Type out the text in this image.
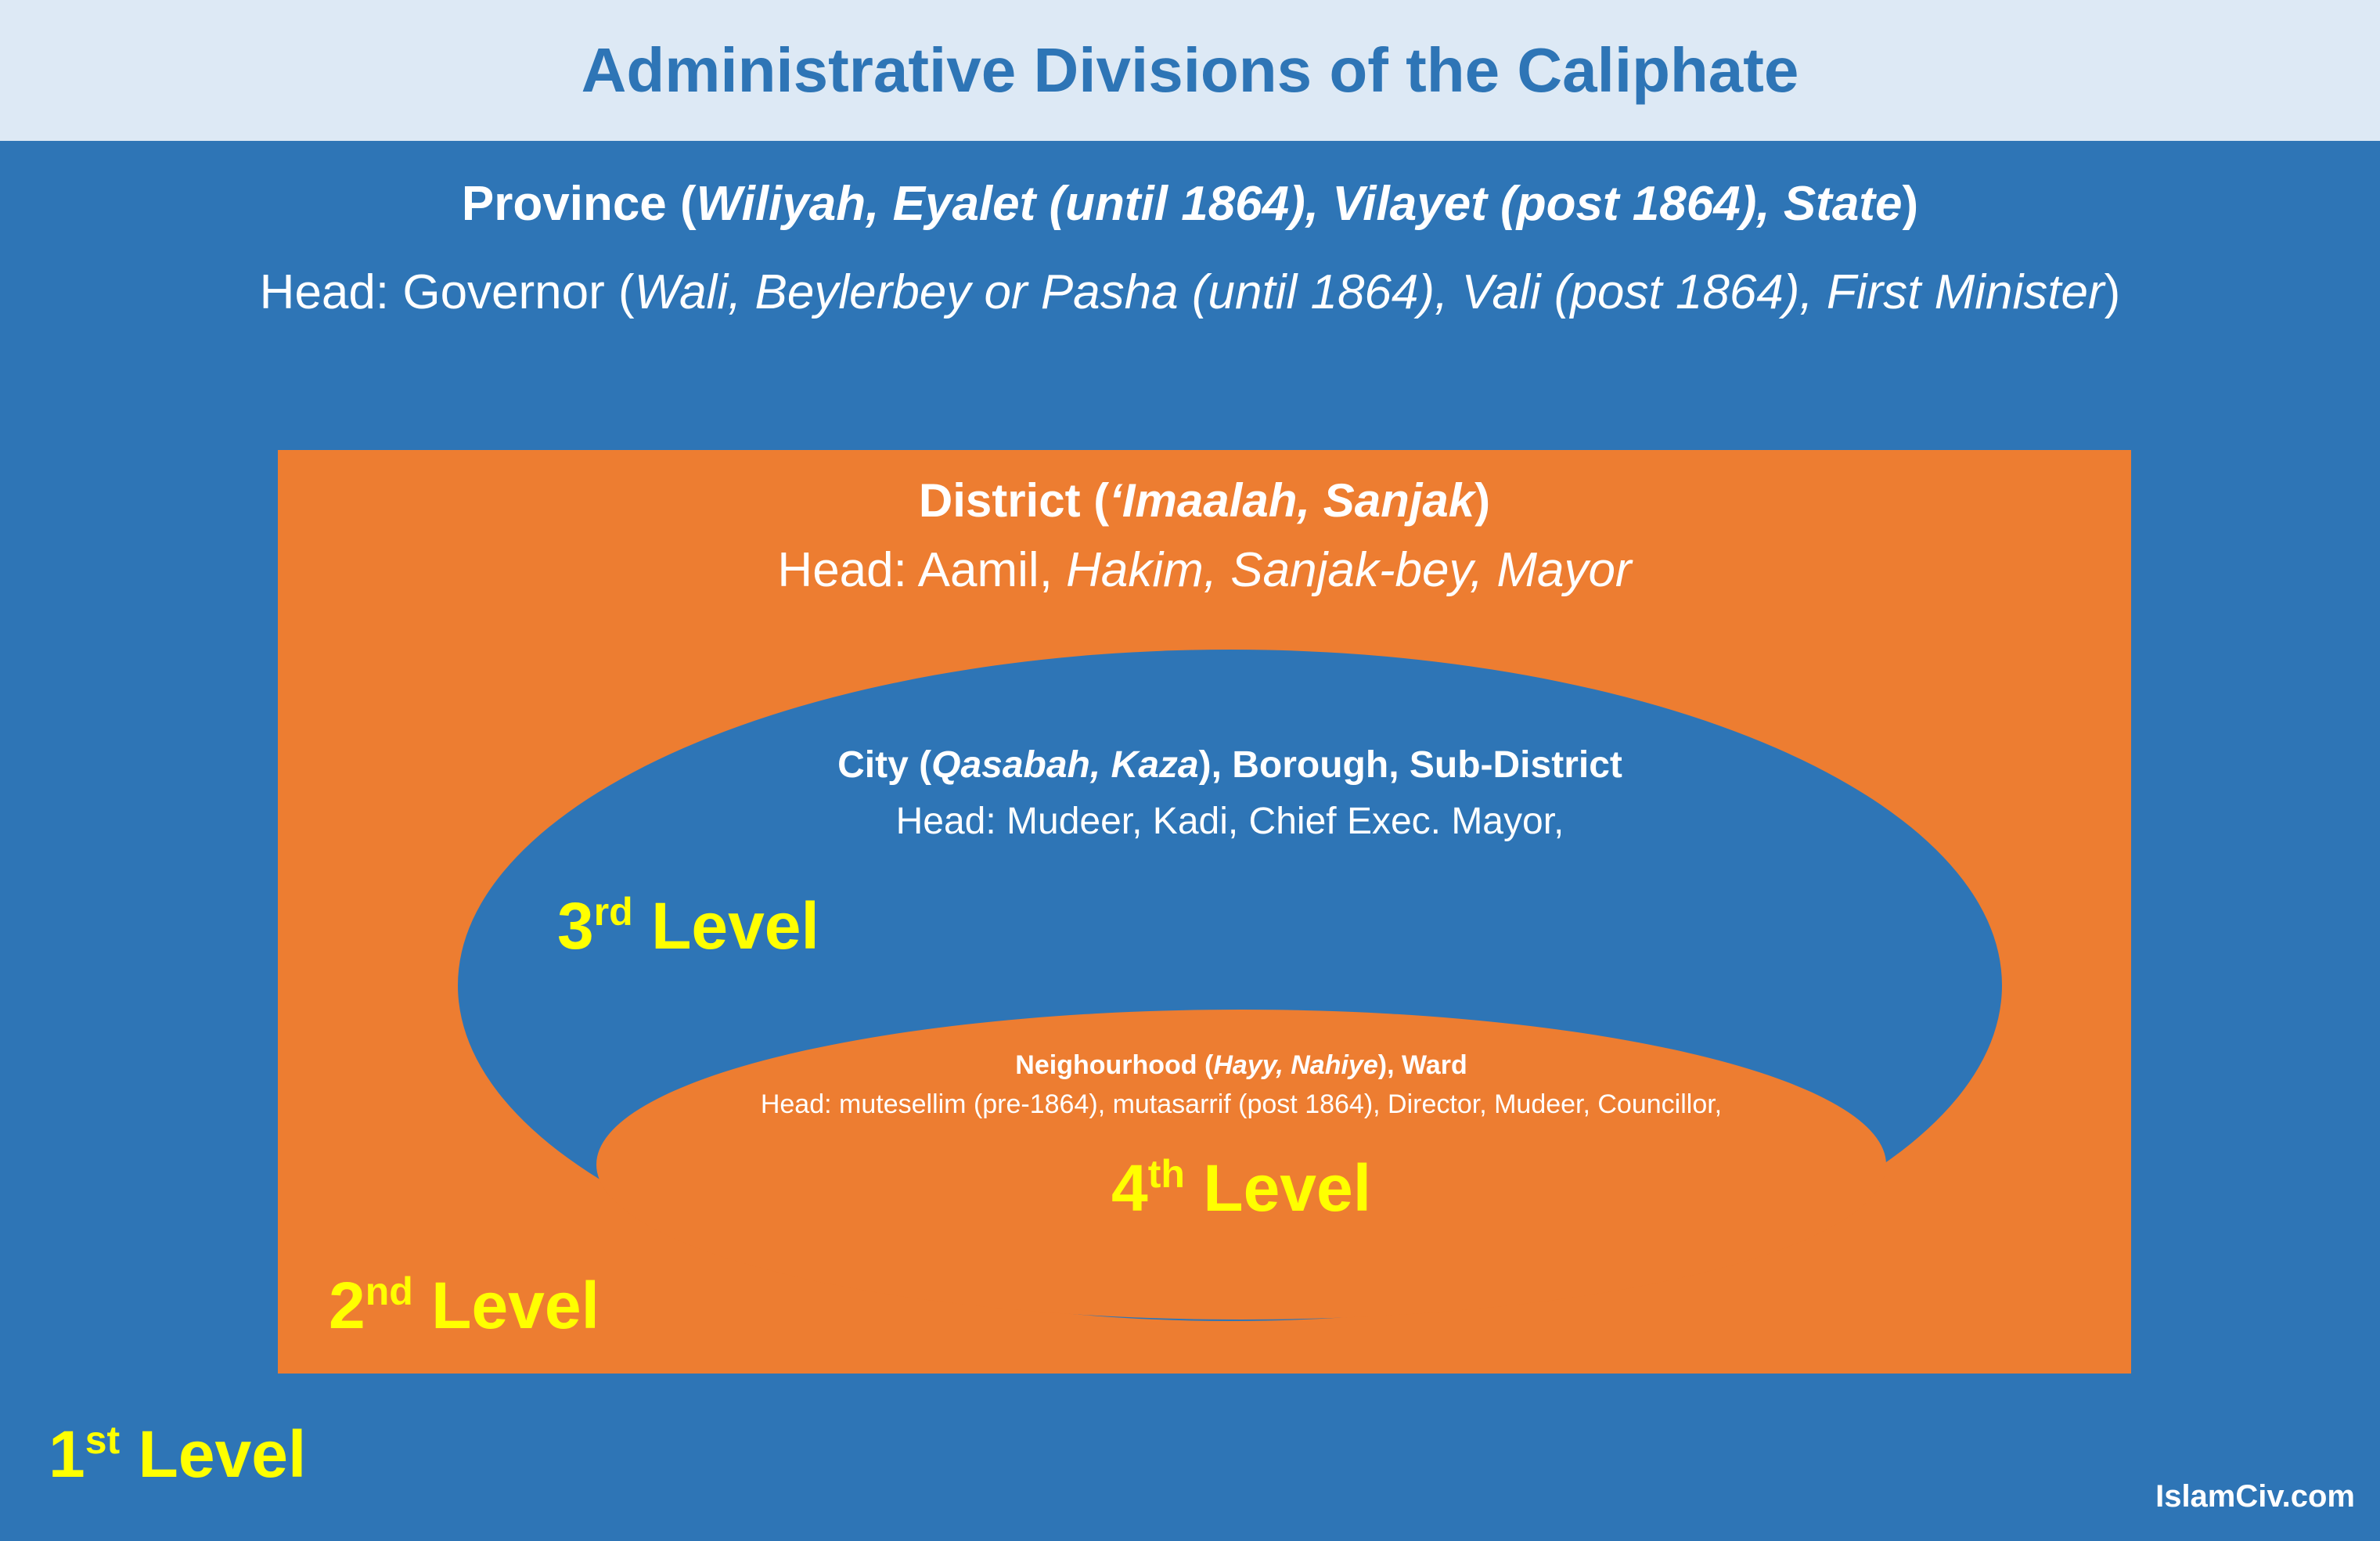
Administrative Divisions of the Caliphate
Province (Wiliyah, Eyalet (until 1864), Vilayet (post 1864), State)
Head: Governor (Wali, Beylerbey or Pasha (until 1864), Vali (post 1864), First Minister)
District (‘Imaalah, Sanjak)
Head: Aamil, Hakim, Sanjak-bey, Mayor
City (Qasabah, Kaza), Borough, Sub-District
Head: Mudeer, Kadi, Chief Exec. Mayor,
Neighourhood (Hayy, Nahiye), Ward
Head: mutesellim (pre-1864), mutasarrif (post 1864), Director, Mudeer, Councillor,
1st Level
2nd Level
3rd Level
4th Level
IslamCiv.com
